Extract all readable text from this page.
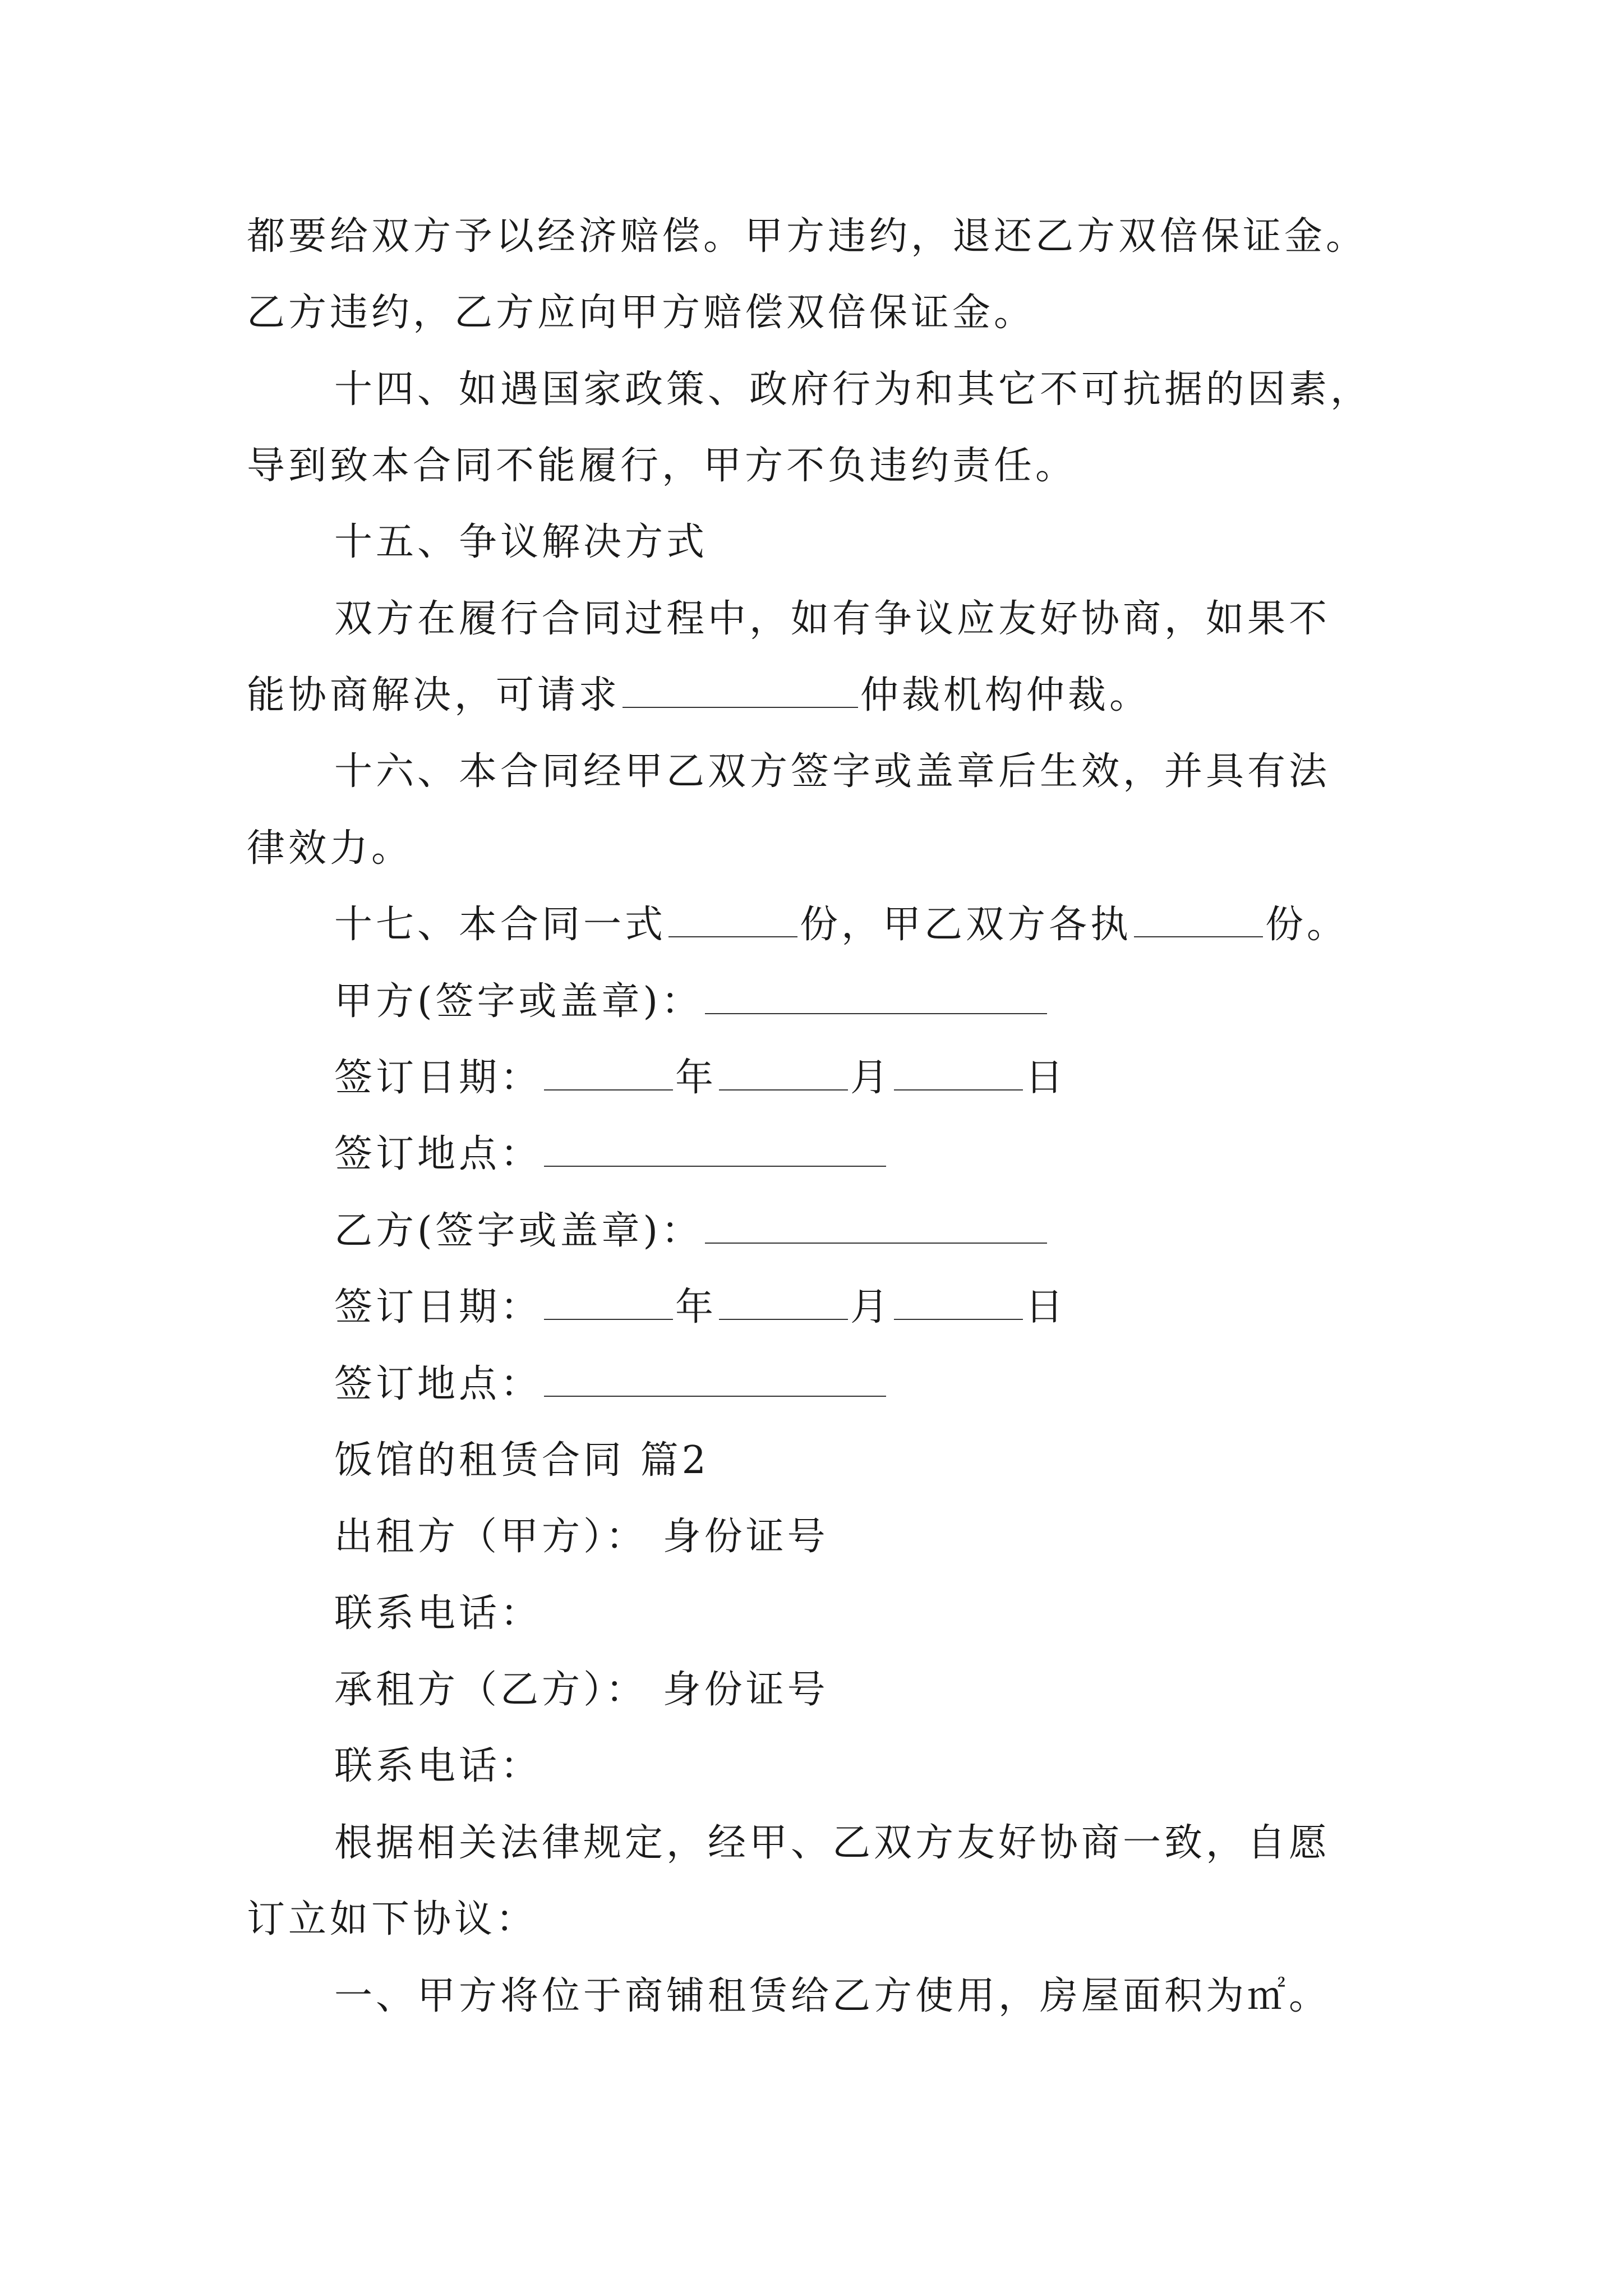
都要给双方予以经济赔偿。甲方违约，退还乙方双倍保证金。
乙方违约，乙方应向甲方赔偿双倍保证金。
十四、如遇国家政策、政府行为和其它不可抗据的因素，
导到致本合同不能履行，甲方不负违约责任。
十五、争议解决方式
双方在履行合同过程中，如有争议应友好协商，如果不
能协商解决，可请求	仲裁机构仲裁。
十六、本合同经甲乙双方签字或盖章后生效，并具有法
律效力。
十七、本合同一式	份，甲乙双方各执	份。
甲方(签字或盖章)：
签订日期：	年	月	日
签订地点：
乙方(签字或盖章)：
签订日期：	年	月	日
签订地点：
饭馆的租赁合同 篇2
出租方（甲方）： 身份证号
联系电话：
承租方（乙方）： 身份证号
联系电话：
根据相关法律规定，经甲、乙双方友好协商一致，自愿
订立如下协议：
一、甲方将位于商铺租赁给乙方使用，房屋面积为㎡。
